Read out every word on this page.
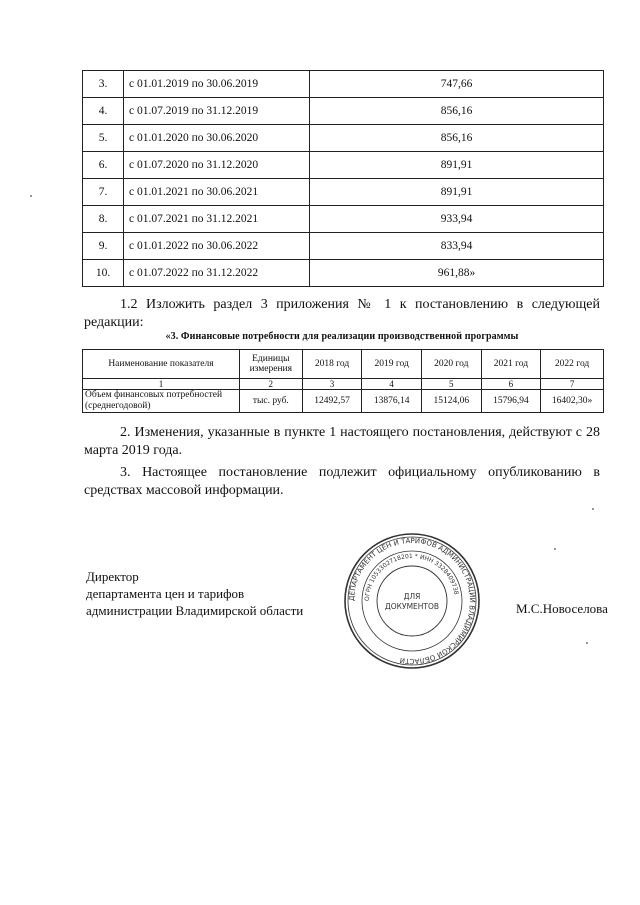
3.	с 01.01.2019 по 30.06.2019	747,66
4.	с 01.07.2019 по 31.12.2019	856,16
5.	с 01.01.2020 по 30.06.2020	856,16
6.	с 01.07.2020 по 31.12.2020	891,91
7.	с 01.01.2021 по 30.06.2021	891,91
8.	с 01.07.2021 по 31.12.2021	933,94
9.	с 01.01.2022 по 30.06.2022	833,94
10.	с 01.07.2022 по 31.12.2022	961,88»
1.2 Изложить раздел 3 приложения № 1 к постановлению в следующей редакции:
«3. Финансовые потребности для реализации производственной программы
Наименование показателя	Единицы измерения	2018 год	2019 год	2020 год	2021 год	2022 год
1	2	3	4	5	6	7
Объем финансовых потребностей (среднегодовой)	тыс. руб.	12492,57	13876,14	15124,06	15796,94	16402,30»
2. Изменения, указанные в пункте 1 настоящего постановления, действуют с 28 марта 2019 года.
3. Настоящее постановление подлежит официальному опубликованию в средствах массовой информации.
Директор
департамента цен и тарифов
администрации Владимирской области	М.С.Новоселова
ДЕПАРТАМЕНТ ЦЕН И ТАРИФОВ АДМИНИСТРАЦИИ ВЛАДИМИРСКОЙ ОБЛАСТИ
ОГРН 1053302718201 * ИНН 3328409738
ДЛЯ
ДОКУМЕНТОВ
